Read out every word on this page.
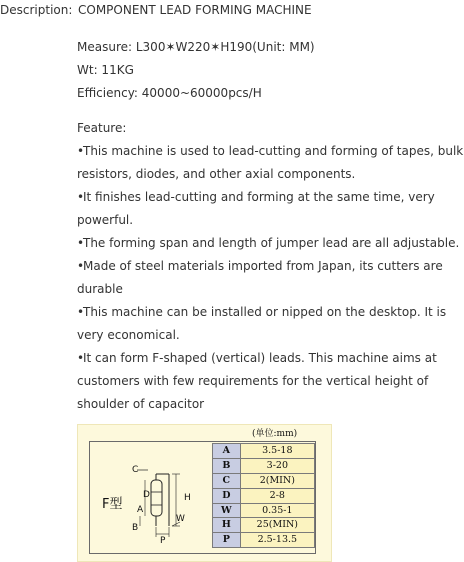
Description: COMPONENT LEAD FORMING MACHINE

Measure: L300✶W220✶H190(Unit: MM)

Wt: 11KG

Efficiency: 40000~60000pcs/H

Feature:

•This machine is used to lead-cutting and forming of tapes, bulk resistors, diodes, and other axial components.

•It finishes lead-cutting and forming at the same time, very powerful.

•The forming span and length of jumper lead are all adjustable.

•Made of steel materials imported from Japan, its cutters are durable

•This machine can be installed or nipped on the desktop. It is very economical.

•It can form F-shaped (vertical) leads. This machine aims at customers with few requirements for the vertical height of shoulder of capacitor

(单位:mm)
F型
C
D
A
B
W
P
H
A	3.5-18
B	3-20
C	2(MIN)
D	2-8
W	0.35-1
H	25(MIN)
P	2.5-13.5
